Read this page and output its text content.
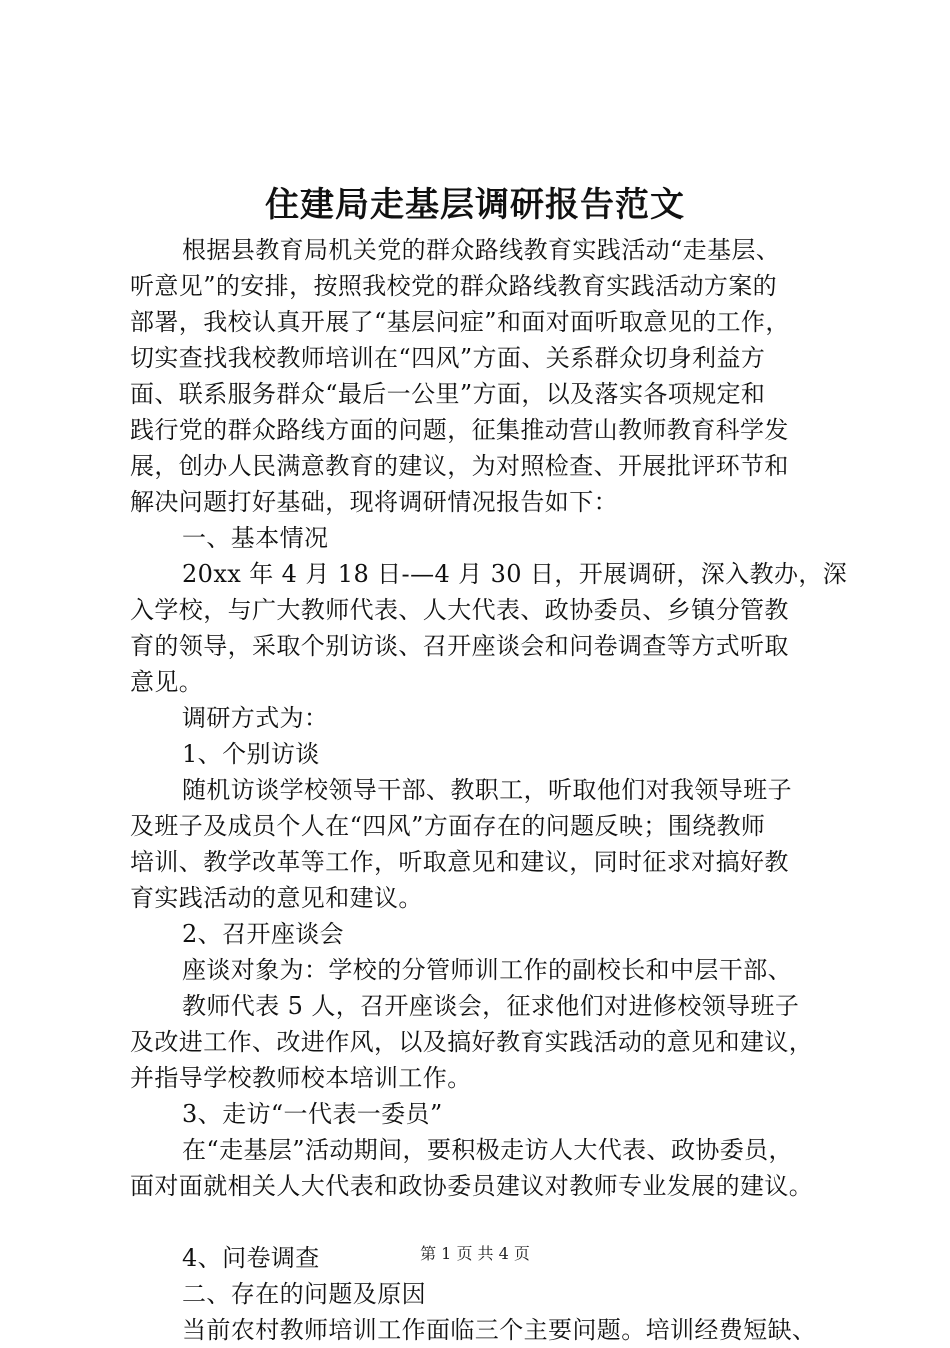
住建局走基层调研报告范文
根据县教育局机关党的群众路线教育实践活动“走基层、
听意见”的安排，按照我校党的群众路线教育实践活动方案的
部署，我校认真开展了“基层问症”和面对面听取意见的工作，
切实查找我校教师培训在“四风”方面、关系群众切身利益方
面、联系服务群众“最后一公里”方面，以及落实各项规定和
践行党的群众路线方面的问题，征集推动营山教师教育科学发
展，创办人民满意教育的建议，为对照检查、开展批评环节和
解决问题打好基础，现将调研情况报告如下：
一、基本情况
20xx 年 4 月 18 日-—4 月 30 日，开展调研，深入教办，深
入学校，与广大教师代表、人大代表、政协委员、乡镇分管教
育的领导，采取个别访谈、召开座谈会和问卷调查等方式听取
意见。
调研方式为：
1、个别访谈
随机访谈学校领导干部、教职工，听取他们对我领导班子
及班子及成员个人在“四风”方面存在的问题反映；围绕教师
培训、教学改革等工作，听取意见和建议，同时征求对搞好教
育实践活动的意见和建议。
2、召开座谈会
座谈对象为：学校的分管师训工作的副校长和中层干部、
教师代表 5 人，召开座谈会，征求他们对进修校领导班子
及改进工作、改进作风，以及搞好教育实践活动的意见和建议，
并指导学校教师校本培训工作。
3、走访“一代表一委员”
在“走基层”活动期间，要积极走访人大代表、政协委员，
面对面就相关人大代表和政协委员建议对教师专业发展的建议。
4、问卷调查
二、存在的问题及原因
当前农村教师培训工作面临三个主要问题。培训经费短缺、
第 1 页 共 4 页
